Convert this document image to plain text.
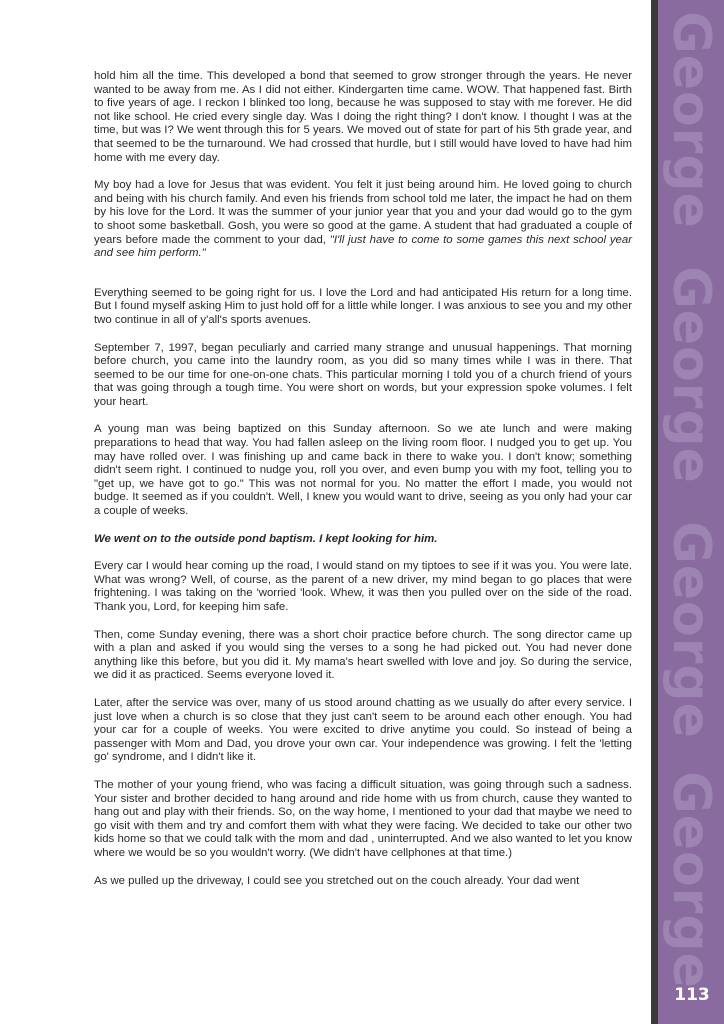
George
George
George
George

hold him all the time. This developed a bond that seemed to grow stronger through the years. He never wanted to be away from me. As I did not either. Kindergarten time came. WOW. That happened fast. Birth to five years of age. I reckon I blinked too long, because he was supposed to stay with me forever. He did not like school. He cried every single day. Was I doing the right thing? I don't know. I thought I was at the time, but was I? We went through this for 5 years. We moved out of state for part of his 5th grade year, and that seemed to be the turnaround. We had crossed that hurdle, but I still would have loved to have had him home with me every day.

My boy had a love for Jesus that was evident. You felt it just being around him. He loved going to church and being with his church family. And even his friends from school told me later, the impact he had on them by his love for the Lord. It was the summer of your junior year that you and your dad would go to the gym to shoot some basketball. Gosh, you were so good at the game. A student that had graduated a couple of years before made the comment to your dad, "I'll just have to come to some games this next school year and see him perform."

Everything seemed to be going right for us. I love the Lord and had anticipated His return for a long time. But I found myself asking Him to just hold off for a little while longer. I was anxious to see you and my other two continue in all of y'all's sports avenues.

September 7, 1997, began peculiarly and carried many strange and unusual happenings. That morning before church, you came into the laundry room, as you did so many times while I was in there. That seemed to be our time for one-on-one chats. This particular morning I told you of a church friend of yours that was going through a tough time. You were short on words, but your expression spoke volumes. I felt your heart.

A young man was being baptized on this Sunday afternoon. So we ate lunch and were making preparations to head that way. You had fallen asleep on the living room floor. I nudged you to get up. You may have rolled over. I was finishing up and came back in there to wake you. I don't know; something didn't seem right. I continued to nudge you, roll you over, and even bump you with my foot, telling you to "get up, we have got to go." This was not normal for you. No matter the effort I made, you would not budge. It seemed as if you couldn't. Well, I knew you would want to drive, seeing as you only had your car a couple of weeks.

We went on to the outside pond baptism. I kept looking for him.

Every car I would hear coming up the road, I would stand on my tiptoes to see if it was you. You were late. What was wrong? Well, of course, as the parent of a new driver, my mind began to go places that were frightening. I was taking on the 'worried 'look. Whew, it was then you pulled over on the side of the road. Thank you, Lord, for keeping him safe.

Then, come Sunday evening, there was a short choir practice before church. The song director came up with a plan and asked if you would sing the verses to a song he had picked out. You had never done anything like this before, but you did it. My mama's heart swelled with love and joy. So during the service, we did it as practiced. Seems everyone loved it.

Later, after the service was over, many of us stood around chatting as we usually do after every service. I just love when a church is so close that they just can't seem to be around each other enough. You had your car for a couple of weeks. You were excited to drive anytime you could. So instead of being a passenger with Mom and Dad, you drove your own car. Your independence was growing. I felt the 'letting go' syndrome, and I didn't like it.

The mother of your young friend, who was facing a difficult situation, was going through such a sadness. Your sister and brother decided to hang around and ride home with us from church, cause they wanted to hang out and play with their friends. So, on the way home, I mentioned to your dad that maybe we need to go visit with them and try and comfort them with what they were facing. We decided to take our other two kids home so that we could talk with the mom and dad , uninterrupted. And we also wanted to let you know where we would be so you wouldn't worry. (We didn't have cellphones at that time.)

As we pulled up the driveway, I could see you stretched out on the couch already. Your dad went

113
